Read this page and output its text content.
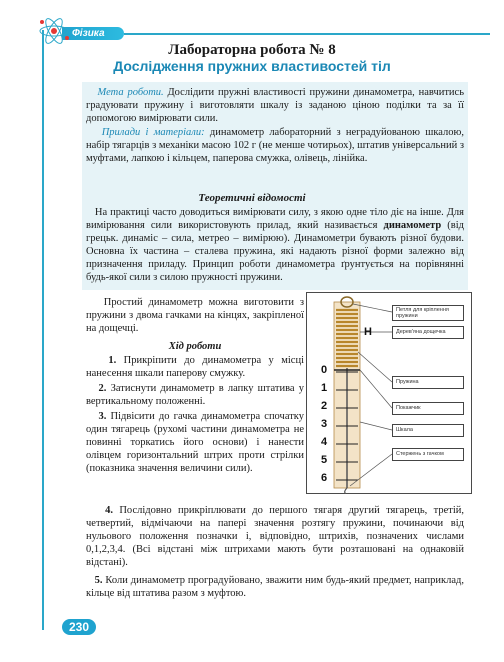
Фізика
Лабораторна робота № 8
Дослідження пружних властивостей тіл

Мета роботи. Дослідити пружні властивості пружини динамометра, навчитись градуювати пружину і виготовляти шкалу із заданою ціною поділки та за її допомогою вимірювати сили.

Прилади і матеріали: динамометр лабораторний з неградуйованою шкалою, набір тягарців з механіки масою 102 г (не менше чотирьох), штатив універсальний з муфтами, лапкою і кільцем, паперова смужка, олівець, лінійка.

Теоретичні відомості

На практиці часто доводиться вимірювати силу, з якою одне тіло діє на інше. Для вимірювання сили використовують прилад, який називається динамометр (від грецьк. динаміс – сила, метрео – вимірюю). Динамометри бувають різної будови. Основна їх частина – сталева пружина, які надають різної форми залежно від призначення приладу. Принцип роботи динамометра ґрунтується на порівнянні будь-якої сили з силою пружності пружини.

Простий динамометр можна виготовити з пружини з двома гачками на кінцях, закріпленої на дощечці.

Хід роботи

1. Прикріпити до динамометра у місці нанесення шкали паперову смужку.

2. Затиснути динамометр в лапку штатива у вертикальному положенні.

3. Підвісити до гачка динамометра спочатку один тягарець (рухомі частини динамометра не повинні торкатись його основи) і нанести олівцем горизонтальний штрих проти стрілки (показника значення величини сили).

4. Послідовно прикріплювати до першого тягаря другий тягарець, третій, четвертий, відмічаючи на папері значення розтягу пружини, починаючи від нульового положення позначки і, відповідно, штрихів, позначених числами 0,1,2,3,4. (Всі відстані між штрихами мають бути розташовані на однаковій відстані).

5. Коли динамометр проградуйовано, зважити ним будь-який предмет, наприклад, кільце від штатива разом з муфтою.

Н
0
1
2
3
4
5
6
Петля для кріплення пружини
Дерев'яна дощечка
Пружина
Покажчик
Шкала
Стержень з гачком
230
